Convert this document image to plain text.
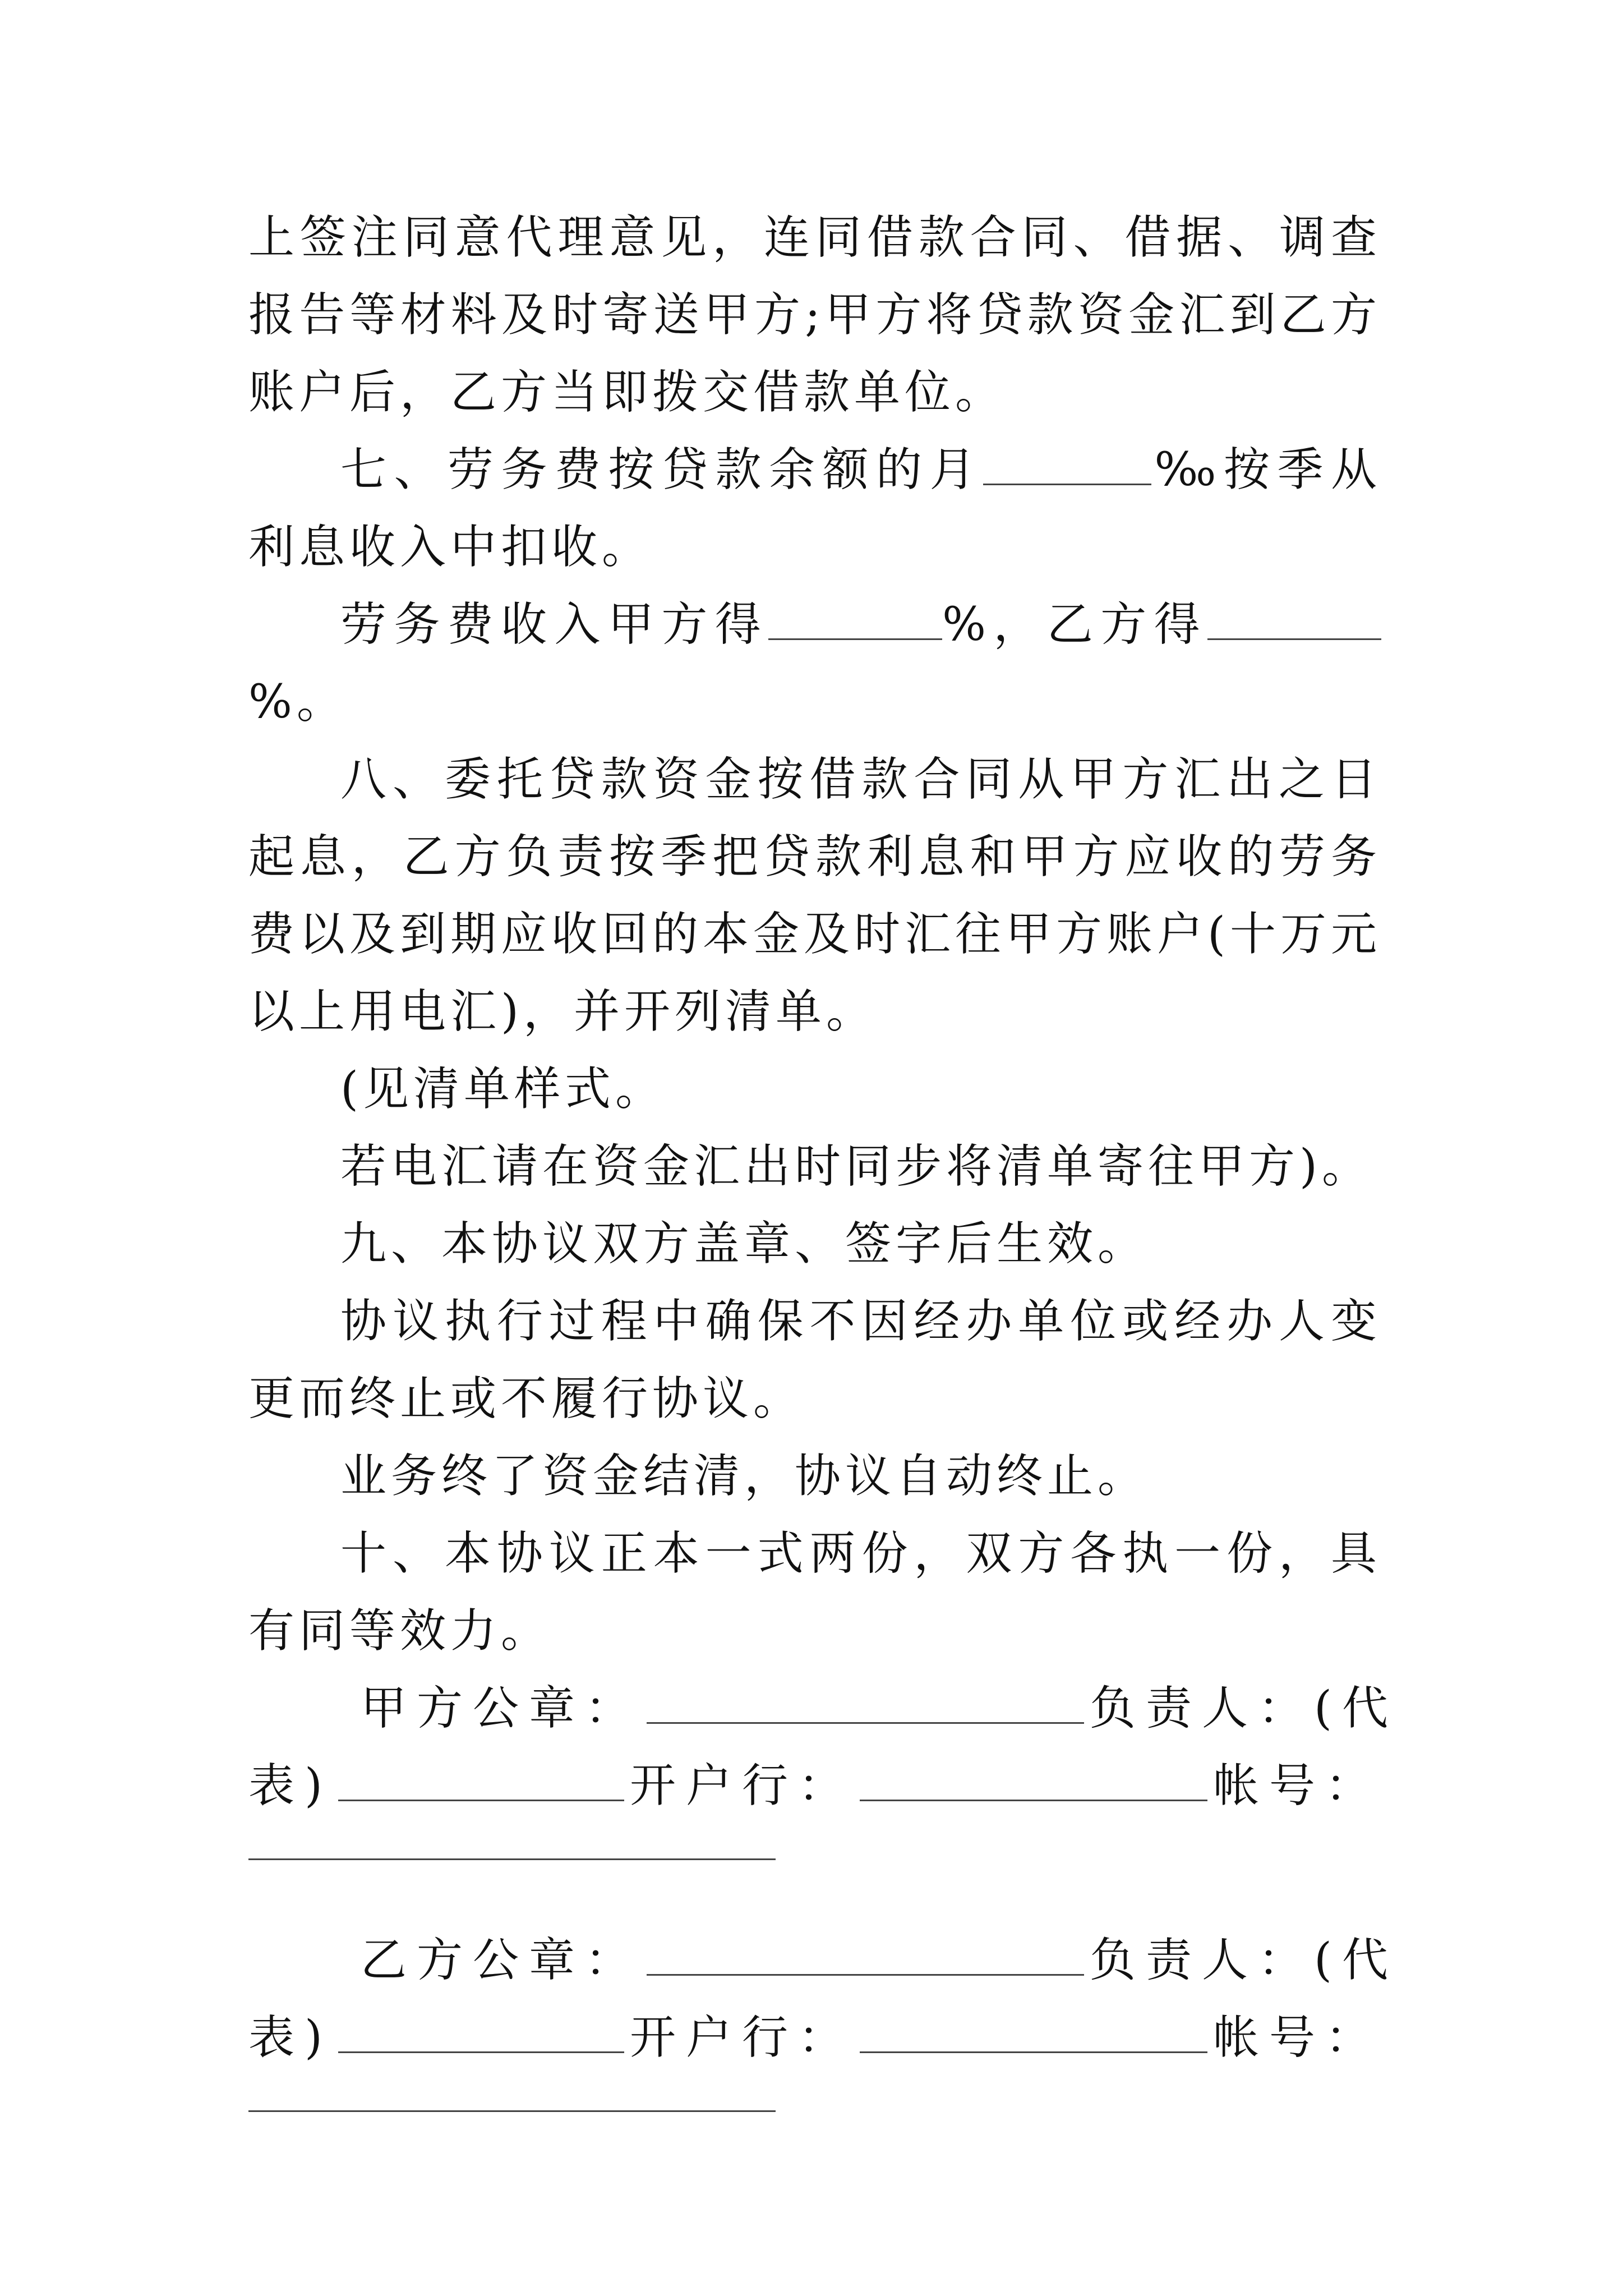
上签注同意代理意见，连同借款合同、借据、调查报告等材料及时寄送甲方;甲方将贷款资金汇到乙方账户后，乙方当即拨交借款单位。

七、劳务费按贷款余额的月	‰按季从利息收入中扣收。

劳务费收入甲方得	%，乙方得%。

八、委托贷款资金按借款合同从甲方汇出之日起息，乙方负责按季把贷款利息和甲方应收的劳务费以及到期应收回的本金及时汇往甲方账户(十万元以上用电汇)，并开列清单。

(见清单样式。

若电汇请在资金汇出时同步将清单寄往甲方)。

九、本协议双方盖章、签字后生效。

协议执行过程中确保不因经办单位或经办人变更而终止或不履行协议。

业务终了资金结清，协议自动终止。

十、本协议正本一式两份，双方各执一份，具有同等效力。

甲方公章：	负责人：(代
表)	开户行：	帐号：
乙方公章：	负责人：(代
表)	开户行：	帐号：
